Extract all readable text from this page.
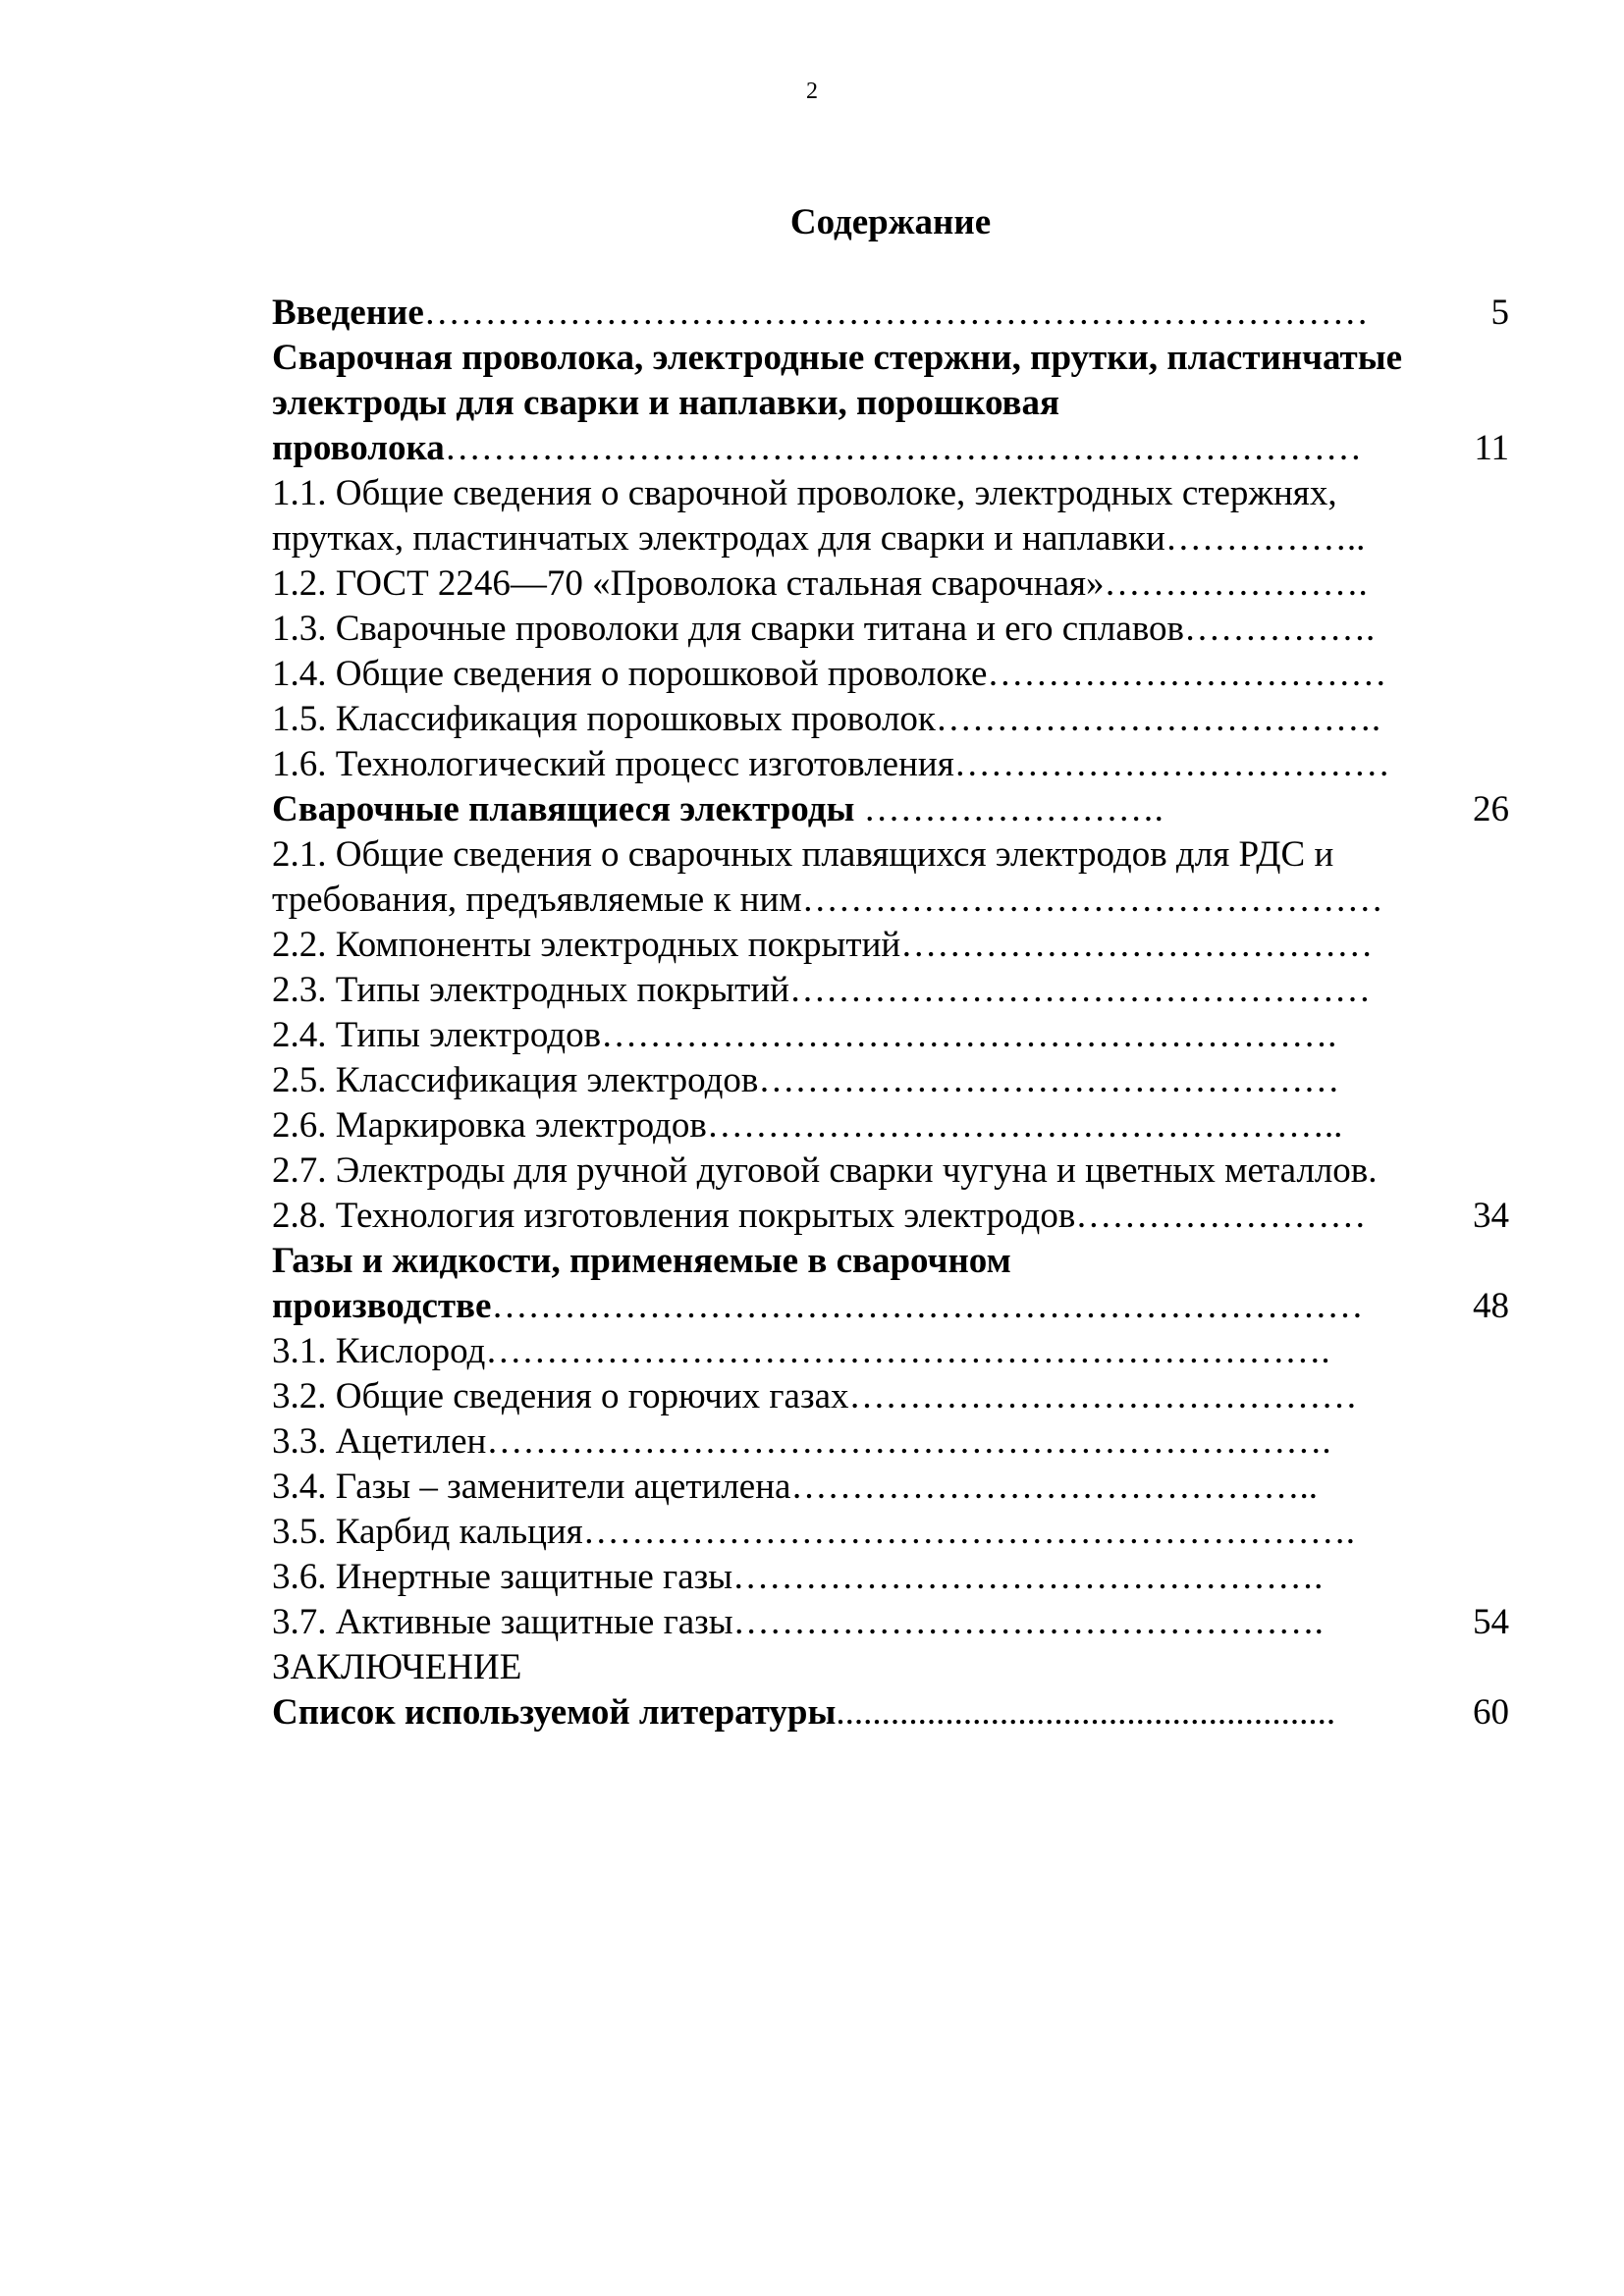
2
Содержание
Введение……………………………………………………………………	5
Сварочная проволока, электродные стержни, прутки, пластинчатые
электроды для сварки и наплавки, порошковая
проволока………………………………………….………………………	11
1.1. Общие сведения о сварочной проволоке, электродных стержнях,
прутках, пластинчатых электродах для сварки и наплавки……………..
1.2. ГОСТ 2246—70 «Проволока стальная сварочная»………………….
1.3. Сварочные проволоки для сварки титана и его сплавов…………….
1.4. Общие сведения о порошковой проволоке……………………………
1.5. Классификация порошковых проволок……………………………….
1.6. Технологический процесс изготовления………………………………
Сварочные плавящиеся электроды …………………….	26
2.1. Общие сведения о сварочных плавящихся электродов для РДС и
требования, предъявляемые к ним…………………………………………
2.2. Компоненты электродных покрытий…………………………………
2.3. Типы электродных покрытий…………………………………………
2.4. Типы электродов…………………………………………………….
2.5. Классификация электродов…………………………………………
2.6. Маркировка электродов……………………………………………..
2.7. Электроды для ручной дуговой сварки чугуна и цветных металлов.
2.8. Технология изготовления покрытых электродов……………………	34
Газы и жидкости, применяемые в сварочном
производстве………………………………………………………………	48
3.1. Кислород…………………………………………………………….
3.2. Общие сведения о горючих газах……………………………………
3.3. Ацетилен…………………………………………………………….
3.4. Газы – заменители ацетилена……………………………………..
3.5. Карбид кальция……………………………………………………….
3.6. Инертные защитные газы………………………………………….
3.7. Активные защитные газы………………………………………….	54
ЗАКЛЮЧЕНИЕ
Список используемой литературы.......................................................	60
